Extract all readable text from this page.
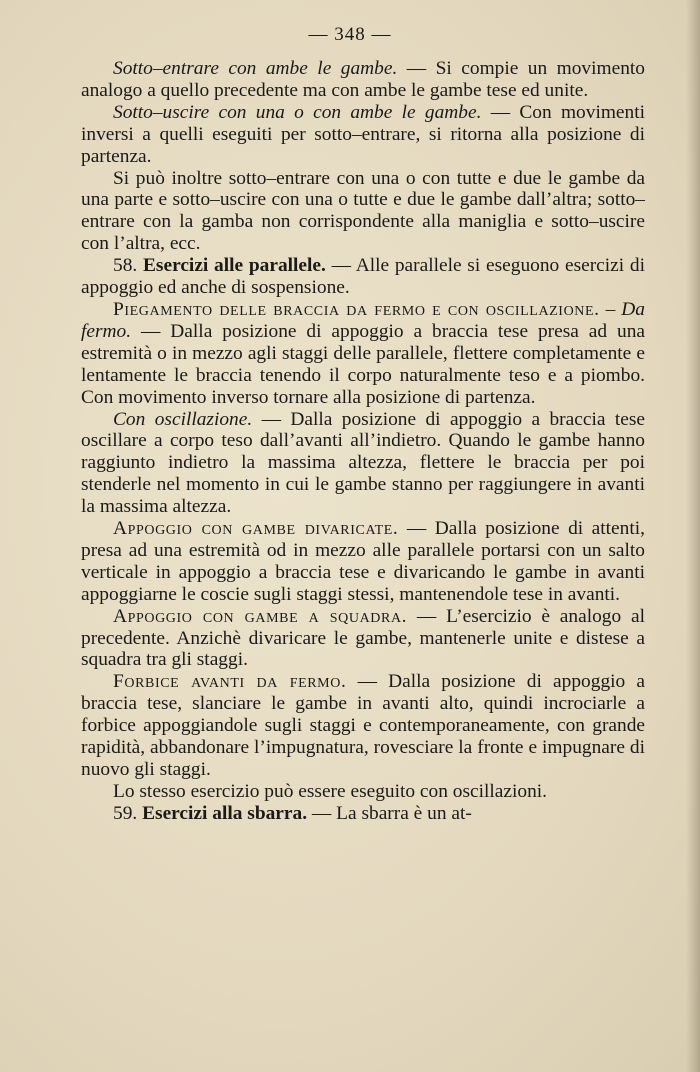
— 348 —

Sotto–entrare con ambe le gambe. — Si compie un movimento analogo a quello precedente ma con ambe le gambe tese ed unite.

Sotto–uscire con una o con ambe le gambe. — Con movimenti inversi a quelli eseguiti per sotto–entrare, si ritorna alla posizione di partenza.

Si può inoltre sotto–entrare con una o con tutte e due le gambe da una parte e sotto–uscire con una o tutte e due le gambe dall’altra; sotto–entrare con la gamba non corrispondente alla maniglia e sotto–uscire con l’altra, ecc.

58. Esercizi alle parallele. — Alle parallele si eseguono esercizi di appoggio ed anche di sospensione.

Piegamento delle braccia da fermo e con oscillazione. – Da fermo. — Dalla posizione di appoggio a braccia tese presa ad una estremità o in mezzo agli staggi delle parallele, flettere completamente e lentamente le braccia tenendo il corpo naturalmente teso e a piombo. Con movimento inverso tornare alla posizione di partenza.

Con oscillazione. — Dalla posizione di appoggio a braccia tese oscillare a corpo teso dall’avanti all’indietro. Quando le gambe hanno raggiunto indietro la massima altezza, flettere le braccia per poi stenderle nel momento in cui le gambe stanno per raggiungere in avanti la massima altezza.

Appoggio con gambe divaricate. — Dalla posizione di attenti, presa ad una estremità od in mezzo alle parallele portarsi con un salto verticale in appoggio a braccia tese e divaricando le gambe in avanti appoggiarne le coscie sugli staggi stessi, mantenendole tese in avanti.

Appoggio con gambe a squadra. — L’esercizio è analogo al precedente. Anzichè divaricare le gambe, mantenerle unite e distese a squadra tra gli staggi.

Forbice avanti da fermo. — Dalla posizione di appoggio a braccia tese, slanciare le gambe in avanti alto, quindi incrociarle a forbice appoggiandole sugli staggi e contemporaneamente, con grande rapidità, abbandonare l’impugnatura, rovesciare la fronte e impugnare di nuovo gli staggi.

Lo stesso esercizio può essere eseguito con oscillazioni.

59. Esercizi alla sbarra. — La sbarra è un at-
